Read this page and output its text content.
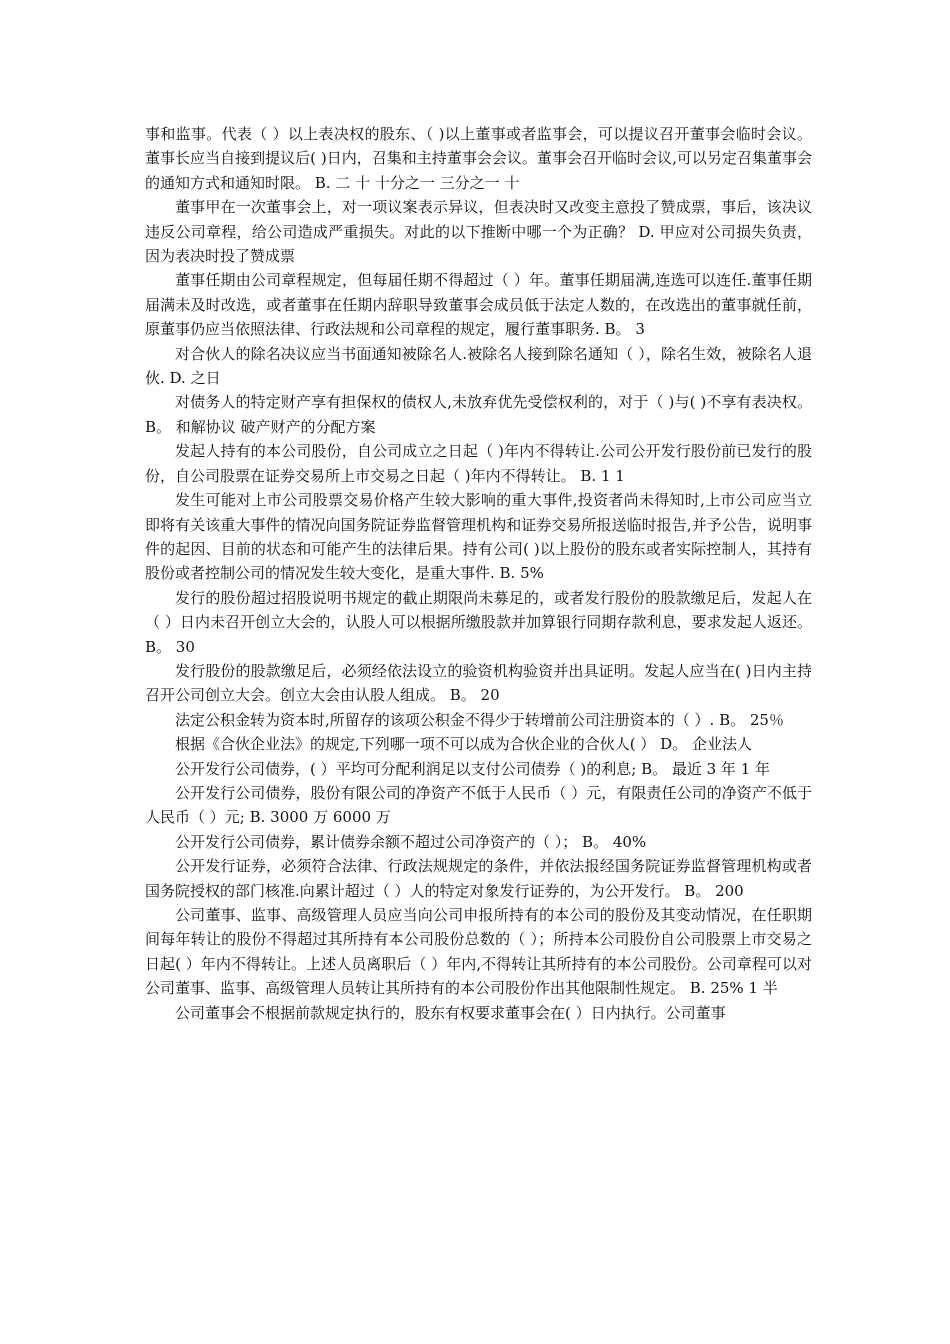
事和监事。代表（ ）以上表决权的股东、（ )以上董事或者监事会，可以提议召开董事会临时会议。董事长应当自接到提议后( )日内，召集和主持董事会会议。董事会召开临时会议,可以另定召集董事会的通知方式和通知时限。 B. 二 十 十分之一 三分之一 十

董事甲在一次董事会上，对一项议案表示异议，但表决时又改变主意投了赞成票，事后，该决议违反公司章程，给公司造成严重损失。对此的以下推断中哪一个为正确？ D. 甲应对公司损失负责，因为表决时投了赞成票

董事任期由公司章程规定，但每届任期不得超过（ ）年。董事任期届满,连选可以连任.董事任期届满未及时改选，或者董事在任期内辞职导致董事会成员低于法定人数的，在改选出的董事就任前，原董事仍应当依照法律、行政法规和公司章程的规定，履行董事职务. B。 3

对合伙人的除名决议应当书面通知被除名人.被除名人接到除名通知（ ），除名生效，被除名人退伙. D. 之日

对债务人的特定财产享有担保权的债权人,未放弃优先受偿权利的，对于（ )与( )不享有表决权。 B。 和解协议 破产财产的分配方案

发起人持有的本公司股份，自公司成立之日起（ )年内不得转让.公司公开发行股份前已发行的股份，自公司股票在证券交易所上市交易之日起（ )年内不得转让。 B. 1 1

发生可能对上市公司股票交易价格产生较大影响的重大事件,投资者尚未得知时,上市公司应当立即将有关该重大事件的情况向国务院证券监督管理机构和证券交易所报送临时报告,并予公告，说明事件的起因、目前的状态和可能产生的法律后果。持有公司( )以上股份的股东或者实际控制人，其持有股份或者控制公司的情况发生较大变化，是重大事件. B. 5%

发行的股份超过招股说明书规定的截止期限尚未募足的，或者发行股份的股款缴足后，发起人在（ ）日内未召开创立大会的，认股人可以根据所缴股款并加算银行同期存款利息，要求发起人返还。 B。 30

发行股份的股款缴足后，必须经依法设立的验资机构验资并出具证明。发起人应当在( )日内主持召开公司创立大会。创立大会由认股人组成。 B。 20

法定公积金转为资本时,所留存的该项公积金不得少于转增前公司注册资本的（ ）. B。 25％

根据《合伙企业法》的规定,下列哪一项不可以成为合伙企业的合伙人( ） D。 企业法人

公开发行公司债券，( ）平均可分配利润足以支付公司债券（ )的利息; B。 最近 3 年 1 年

公开发行公司债券，股份有限公司的净资产不低于人民币（ ）元，有限责任公司的净资产不低于人民币（ ）元; B. 3000 万 6000 万

公开发行公司债券，累计债券余额不超过公司净资产的（ ）； B。 40%

公开发行证券，必须符合法律、行政法规规定的条件，并依法报经国务院证券监督管理机构或者国务院授权的部门核准.向累计超过（ ）人的特定对象发行证券的，为公开发行。 B。 200

公司董事、监事、高级管理人员应当向公司申报所持有的本公司的股份及其变动情况，在任职期间每年转让的股份不得超过其所持有本公司股份总数的（ ）；所持本公司股份自公司股票上市交易之日起( ）年内不得转让。上述人员离职后（ ）年内,不得转让其所持有的本公司股份。公司章程可以对公司董事、监事、高级管理人员转让其所持有的本公司股份作出其他限制性规定。 B. 25% 1 半

公司董事会不根据前款规定执行的，股东有权要求董事会在( ）日内执行。公司董事
